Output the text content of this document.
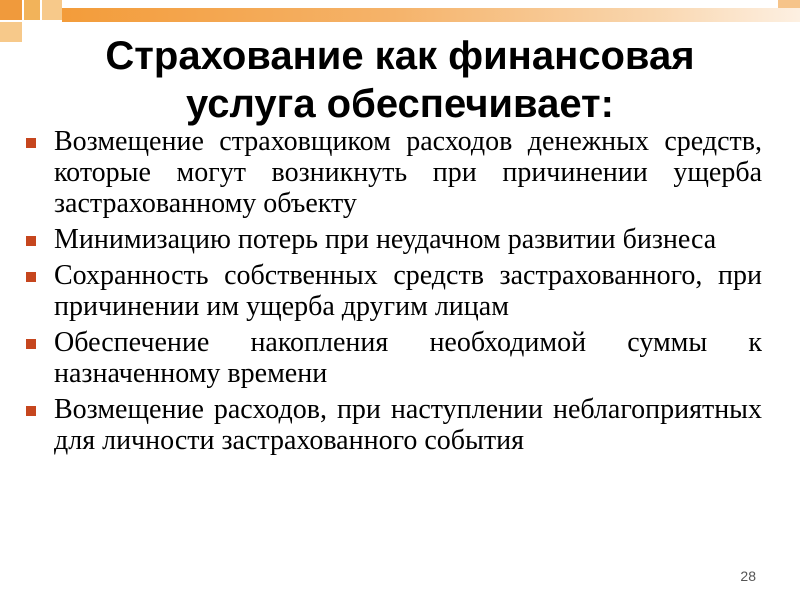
Страхование как финансовая
услуга обеспечивает:
Возмещение страховщиком расходов денежных средств, которые могут возникнуть при причинении ущерба застрахованному объекту
Минимизацию потерь при неудачном развитии бизнеса
Сохранность собственных средств застрахованного, при причинении им ущерба другим лицам
Обеспечение накопления необходимой суммы к назначенному времени
Возмещение расходов, при наступлении неблагоприятных для личности застрахованного события
28
